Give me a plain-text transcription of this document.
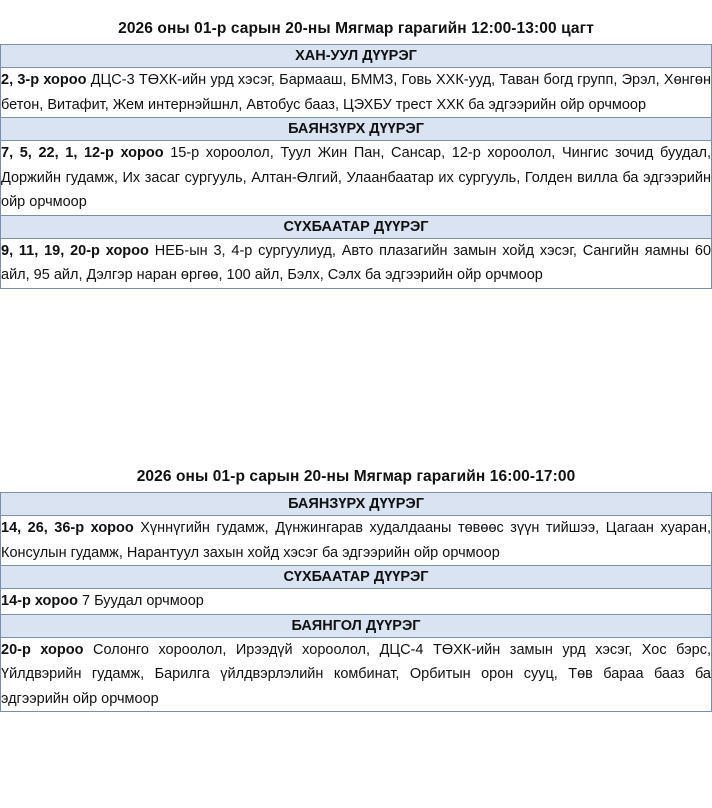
2026 оны 01-р сарын 20-ны Мягмар гарагийн 12:00-13:00 цагт
ХАН-УУЛ ДҮҮРЭГ
2, 3-р хороо ДЦС-3 ТӨХК-ийн урд хэсэг, Бармааш, БММЗ, Говь ХХК-ууд, Таван богд групп, Эрэл, Хөнгөн бетон, Витафит, Жем интернэйшнл, Автобус бааз, ЦЭХБУ трест ХХК ба эдгээрийн ойр орчмоор
БАЯНЗҮРХ ДҮҮРЭГ
7, 5, 22, 1, 12-р хороо 15-р хороолол, Туул Жин Пан, Сансар, 12-р хороолол, Чингис зочид буудал, Доржийн гудамж, Их засаг сургууль, Алтан-Өлгий, Улаанбаатар их сургууль, Голден вилла ба эдгээрийн ойр орчмоор
СҮХБААТАР ДҮҮРЭГ
9, 11, 19, 20-р хороо НЕБ-ын 3, 4-р сургуулиуд, Авто плазагийн замын хойд хэсэг, Сангийн яамны 60 айл, 95 айл, Дэлгэр наран өргөө, 100 айл, Бэлх, Сэлх ба эдгээрийн ойр орчмоор
2026 оны 01-р сарын 20-ны Мягмар гарагийн 16:00-17:00
БАЯНЗҮРХ ДҮҮРЭГ
14, 26, 36-р хороо Хүннүгийн гудамж, Дүнжингарав худалдааны төвөөс зүүн тийшээ, Цагаан хуаран, Консулын гудамж, Нарантуул захын хойд хэсэг ба эдгээрийн ойр орчмоор
СҮХБААТАР ДҮҮРЭГ
14-р хороо 7 Буудал орчмоор
БАЯНГОЛ ДҮҮРЭГ
20-р хороо Солонго хороолол, Ирээдүй хороолол, ДЦС-4 ТӨХК-ийн замын урд хэсэг, Хос бэрс, Үйлдвэрийн гудамж, Барилга үйлдвэрлэлийн комбинат, Орбитын орон сууц, Төв бараа бааз ба эдгээрийн ойр орчмоор
